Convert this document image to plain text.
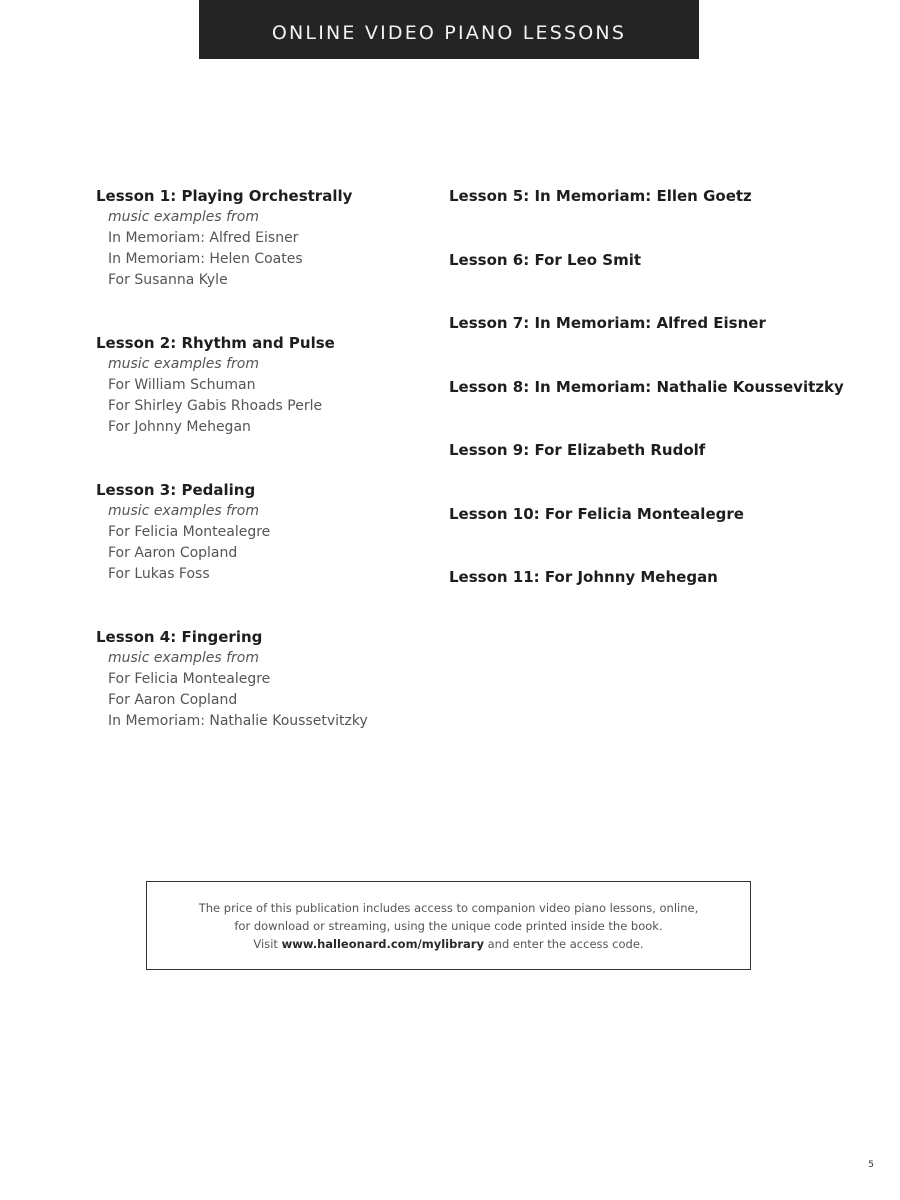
ONLINE VIDEO PIANO LESSONS
Lesson 1: Playing Orchestrally
music examples from
In Memoriam: Alfred Eisner
In Memoriam: Helen Coates
For Susanna Kyle
Lesson 2: Rhythm and Pulse
music examples from
For William Schuman
For Shirley Gabis Rhoads Perle
For Johnny Mehegan
Lesson 3: Pedaling
music examples from
For Felicia Montealegre
For Aaron Copland
For Lukas Foss
Lesson 4: Fingering
music examples from
For Felicia Montealegre
For Aaron Copland
In Memoriam: Nathalie Koussetvitzky
Lesson 5: In Memoriam: Ellen Goetz
Lesson 6: For Leo Smit
Lesson 7: In Memoriam: Alfred Eisner
Lesson 8: In Memoriam: Nathalie Koussevitzky
Lesson 9: For Elizabeth Rudolf
Lesson 10: For Felicia Montealegre
Lesson 11: For Johnny Mehegan
The price of this publication includes access to companion video piano lessons, online,
for download or streaming, using the unique code printed inside the book.
Visit www.halleonard.com/mylibrary and enter the access code.
5
